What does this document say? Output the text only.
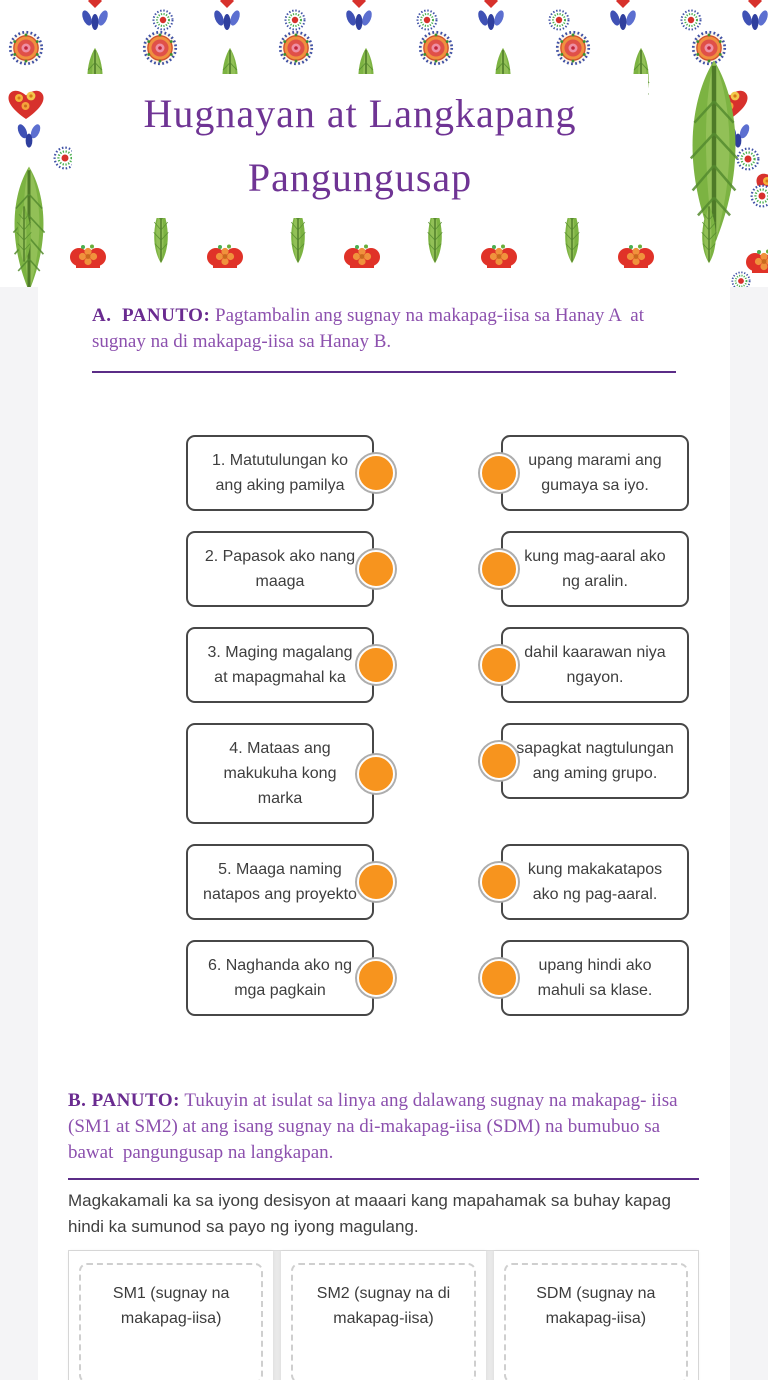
Hugnayan at Langkapang Pangungusap

A.  PANUTO: Pagtambalin ang sugnay na makapag-iisa sa Hanay A  at sugnay na di makapag-iisa sa Hanay B.

1. Matutulungan ko ang aking pamilya
upang marami ang gumaya sa iyo.
2. Papasok ako nang maaga
kung mag-aaral ako ng aralin.
3. Maging magalang at mapagmahal ka
dahil kaarawan niya ngayon.
4. Mataas ang makukuha kong marka
sapagkat nagtulungan ang aming grupo.
5. Maaga naming natapos ang proyekto
kung makakatapos ako ng pag-aaral.
6. Naghanda ako ng mga pagkain
upang hindi ako mahuli sa klase.

B. PANUTO: Tukuyin at isulat sa linya ang dalawang sugnay na makapag- iisa (SM1 at SM2) at ang isang sugnay na di-makapag-iisa (SDM) na bumubuo sa bawat  pangungusap na langkapan.

Magkakamali ka sa iyong desisyon at maaari kang mapahamak sa buhay kapag hindi ka sumunod sa payo ng iyong magulang.

SM1 (sugnay na makapag-iisa)
SM2 (sugnay na di makapag-iisa)
SDM (sugnay na makapag-iisa)
